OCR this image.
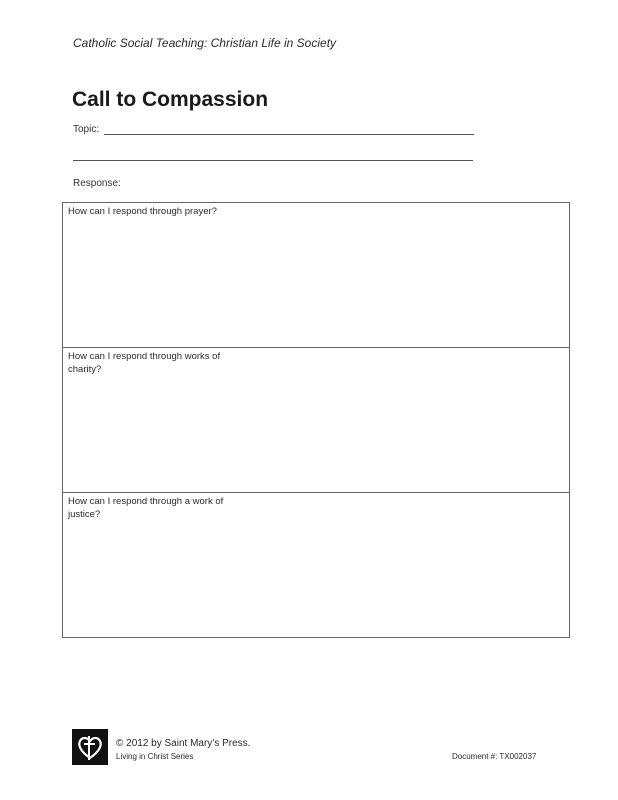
Catholic Social Teaching: Christian Life in Society
Call to Compassion
Topic:
Response:
How can I respond through prayer?
How can I respond through works of charity?
How can I respond through a work of justice?
© 2012 by Saint Mary’s Press.
Living in Christ Series	Document #: TX002037
